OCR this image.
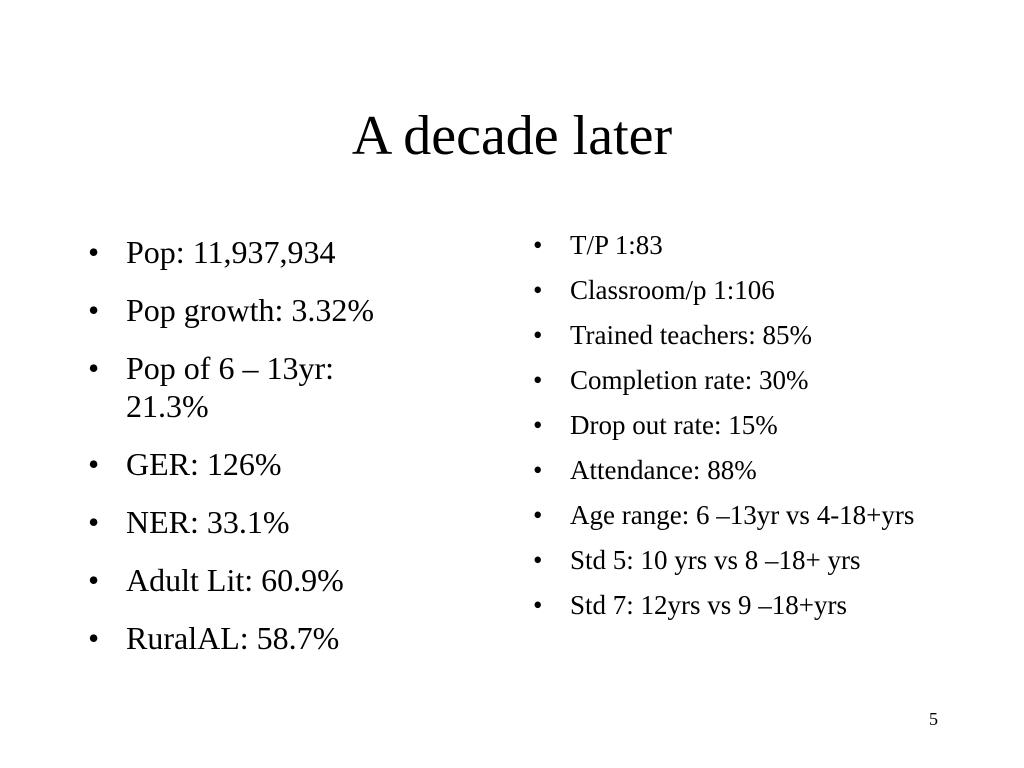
A decade later
• Pop: 11,937,934
• Pop growth: 3.32%
• Pop of 6 – 13yr: 21.3%
• GER: 126%
• NER: 33.1%
• Adult Lit: 60.9%
• RuralAL: 58.7%
• T/P 1:83
• Classroom/p 1:106
• Trained teachers: 85%
• Completion rate: 30%
• Drop out rate: 15%
• Attendance: 88%
• Age range: 6 –13yr vs 4-18+yrs
• Std 5: 10 yrs vs 8 –18+ yrs
• Std 7: 12yrs vs 9 –18+yrs
5
